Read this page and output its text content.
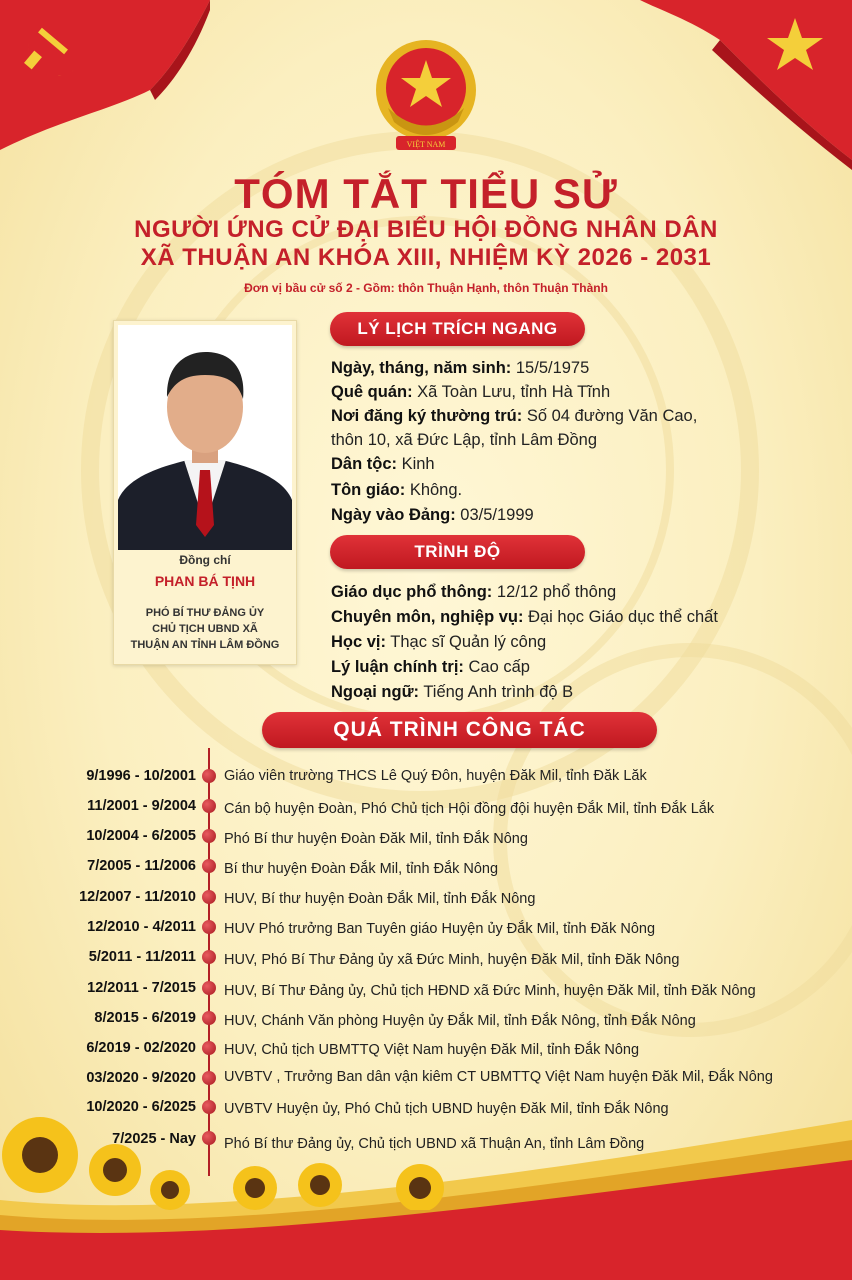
VIỆT NAM
TÓM TẮT TIỂU SỬ
NGƯỜI ỨNG CỬ ĐẠI BIỂU HỘI ĐỒNG NHÂN DÂN
XÃ THUẬN AN KHÓA XIII, NHIỆM KỲ 2026 - 2031
Đơn vị bầu cử số 2 - Gồm: thôn Thuận Hạnh, thôn Thuận Thành
Đồng chí
PHAN BÁ TỊNH
PHÓ BÍ THƯ ĐẢNG ỦY
CHỦ TỊCH UBND XÃ
THUẬN AN TỈNH LÂM ĐỒNG
LÝ LỊCH TRÍCH NGANG
Ngày, tháng, năm sinh: 15/5/1975
Quê quán: Xã Toàn Lưu, tỉnh Hà Tĩnh
Nơi đăng ký thường trú: Số 04 đường Văn Cao,
thôn 10, xã Đức Lập, tỉnh Lâm Đồng
Dân tộc: Kinh
Tôn giáo: Không.
Ngày vào Đảng: 03/5/1999
TRÌNH ĐỘ
Giáo dục phổ thông: 12/12 phổ thông
Chuyên môn, nghiệp vụ: Đại học Giáo dục thể chất
Học vị: Thạc sĩ Quản lý công
Lý luận chính trị: Cao cấp
Ngoại ngữ: Tiếng Anh trình độ B
QUÁ TRÌNH CÔNG TÁC
9/1996 - 10/2001 Giáo viên trường THCS Lê Quý Đôn, huyện Đăk Mil, tỉnh Đăk Lăk
11/2001 - 9/2004 Cán bộ huyện Đoàn, Phó Chủ tịch Hội đồng đội huyện Đắk Mil, tỉnh Đắk Lắk
10/2004 - 6/2005 Phó Bí thư huyện Đoàn Đăk Mil, tỉnh Đắk Nông
7/2005 - 11/2006 Bí thư huyện Đoàn Đắk Mil, tỉnh Đắk Nông
12/2007 - 11/2010 HUV, Bí thư huyện Đoàn Đắk Mil, tỉnh Đắk Nông
12/2010 - 4/2011 HUV Phó trưởng Ban Tuyên giáo Huyện ủy Đắk Mil, tỉnh Đăk Nông
5/2011 - 11/2011 HUV, Phó Bí Thư Đảng ủy xã Đức Minh, huyện Đăk Mil, tỉnh Đăk Nông
12/2011 - 7/2015 HUV, Bí Thư Đảng ủy, Chủ tịch HĐND xã Đức Minh, huyện Đăk Mil, tỉnh Đăk Nông
8/2015 - 6/2019 HUV, Chánh Văn phòng Huyện ủy Đắk Mil, tỉnh Đắk Nông, tỉnh Đắk Nông
6/2019 - 02/2020 HUV, Chủ tịch UBMTTQ Việt Nam huyện Đăk Mil, tỉnh Đắk Nông
03/2020 - 9/2020 UVBTV , Trưởng Ban dân vận kiêm CT UBMTTQ Việt Nam huyện Đăk Mil, Đắk Nông
10/2020 - 6/2025 UVBTV Huyện ủy, Phó Chủ tịch UBND huyện Đăk Mil, tỉnh Đắk Nông
7/2025 - Nay Phó Bí thư Đảng ủy, Chủ tịch UBND xã Thuận An, tỉnh Lâm Đồng
